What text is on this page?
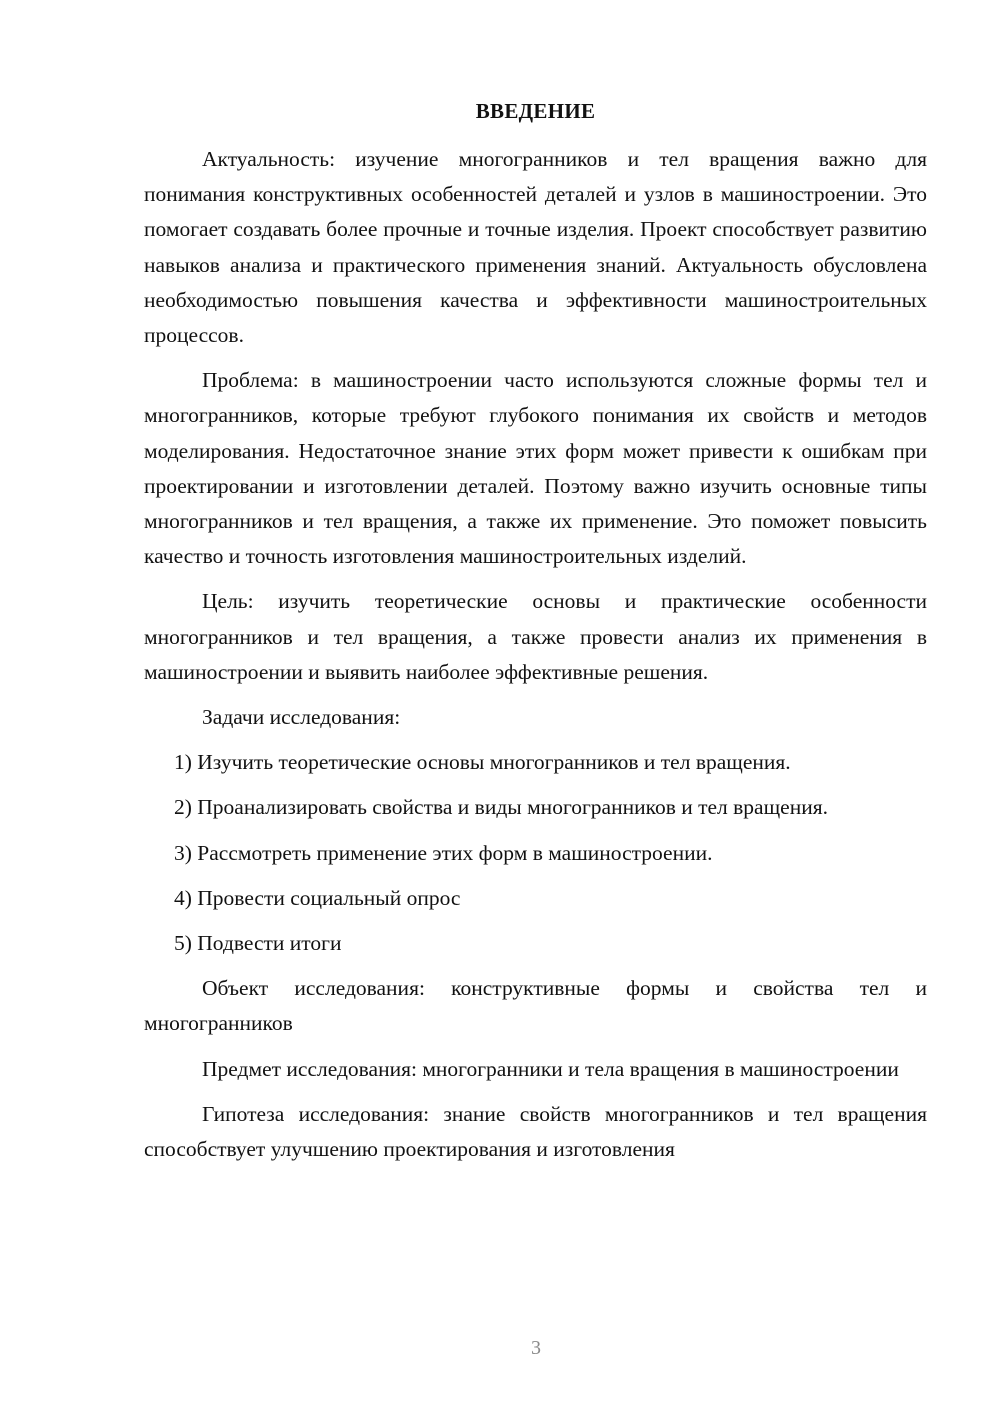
ВВЕДЕНИЕ

Актуальность: изучение многогранников и тел вращения важно для понимания конструктивных особенностей деталей и узлов в машиностроении. Это помогает создавать более прочные и точные изделия. Проект способствует развитию навыков анализа и практического применения знаний. Актуальность обусловлена необходимостью повышения качества и эффективности машиностроительных процессов.

Проблема: в машиностроении часто используются сложные формы тел и многогранников, которые требуют глубокого понимания их свойств и методов моделирования. Недостаточное знание этих форм может привести к ошибкам при проектировании и изготовлении деталей. Поэтому важно изучить основные типы многогранников и тел вращения, а также их применение. Это поможет повысить качество и точность изготовления машиностроительных изделий.

Цель: изучить теоретические основы и практические особенности многогранников и тел вращения, а также провести анализ их применения в машиностроении и выявить наиболее эффективные решения.

Задачи исследования:

1) Изучить теоретические основы многогранников и тел вращения.

2) Проанализировать свойства и виды многогранников и тел вращения.

3) Рассмотреть применение этих форм в машиностроении.

4) Провести социальный опрос

5) Подвести итоги

Объект исследования: конструктивные формы и свойства тел и многогранников

Предмет исследования: многогранники и тела вращения в машиностроении

Гипотеза исследования: знание свойств многогранников и тел вращения способствует улучшению проектирования и изготовления

3
